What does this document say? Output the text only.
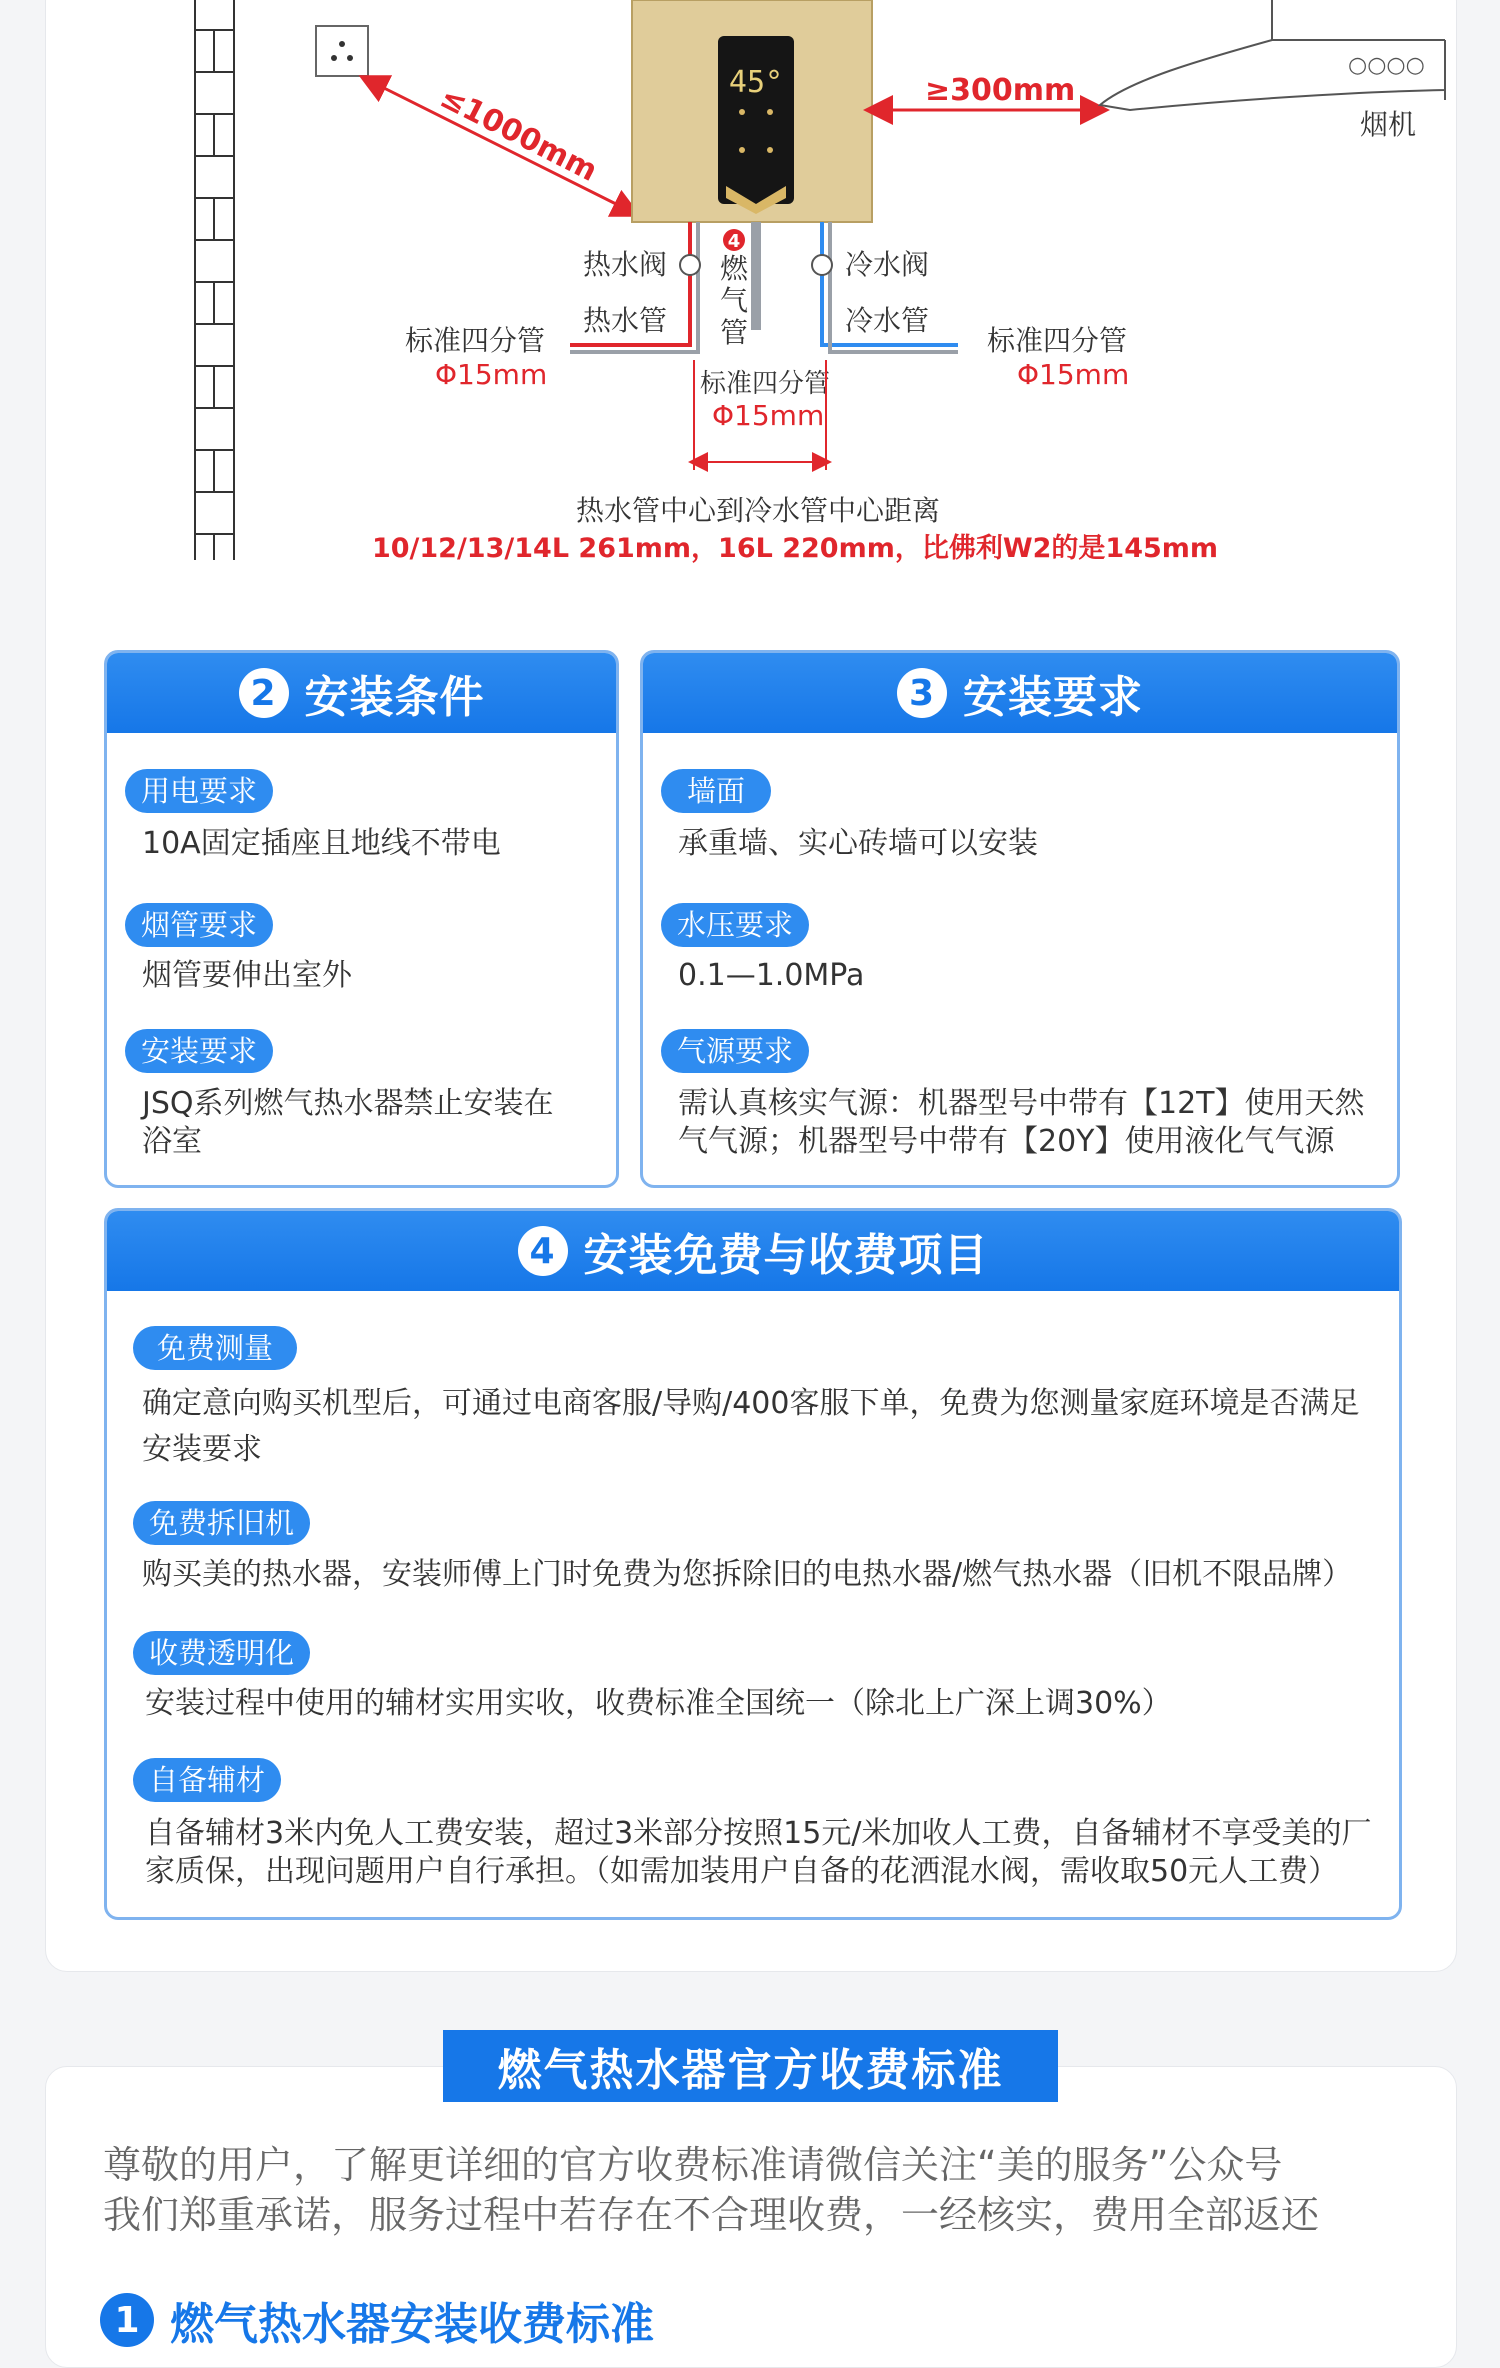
≤1000mm	45°	≥300mm
○○○○
烟机
4
热水阀	冷水阀
燃
气
管
热水管	冷水管
标准四分管
Φ15mm
标准四分管
Φ15mm
标准四分管
Φ15mm
热水管中心到冷水管中心距离
10/12/13/14L 261mm，16L 220mm，比佛利W2的是145mm
2 安装条件
用电要求
10A固定插座且地线不带电
烟管要求
烟管要伸出室外
安装要求
JSQ系列燃气热水器禁止安装在浴室
3 安装要求
墙面
承重墙、实心砖墙可以安装
水压要求
0.1—1.0MPa
气源要求
需认真核实气源：机器型号中带有【12T】使用天然气气源；机器型号中带有【20Y】使用液化气气源
4 安装免费与收费项目
免费测量
确定意向购买机型后，可通过电商客服/导购/400客服下单，免费为您测量家庭环境是否满足安装要求
免费拆旧机
购买美的热水器，安装师傅上门时免费为您拆除旧的电热水器/燃气热水器（旧机不限品牌）
收费透明化
安装过程中使用的辅材实用实收，收费标准全国统一（除北上广深上调30%）
自备辅材
自备辅材3米内免人工费安装，超过3米部分按照15元/米加收人工费，自备辅材不享受美的厂家质保，出现问题用户自行承担。（如需加装用户自备的花洒混水阀，需收取50元人工费）
燃气热水器官方收费标准
尊敬的用户，了解更详细的官方收费标准请微信关注“美的服务”公众号
我们郑重承诺，服务过程中若存在不合理收费，一经核实，费用全部返还
1 燃气热水器安装收费标准
